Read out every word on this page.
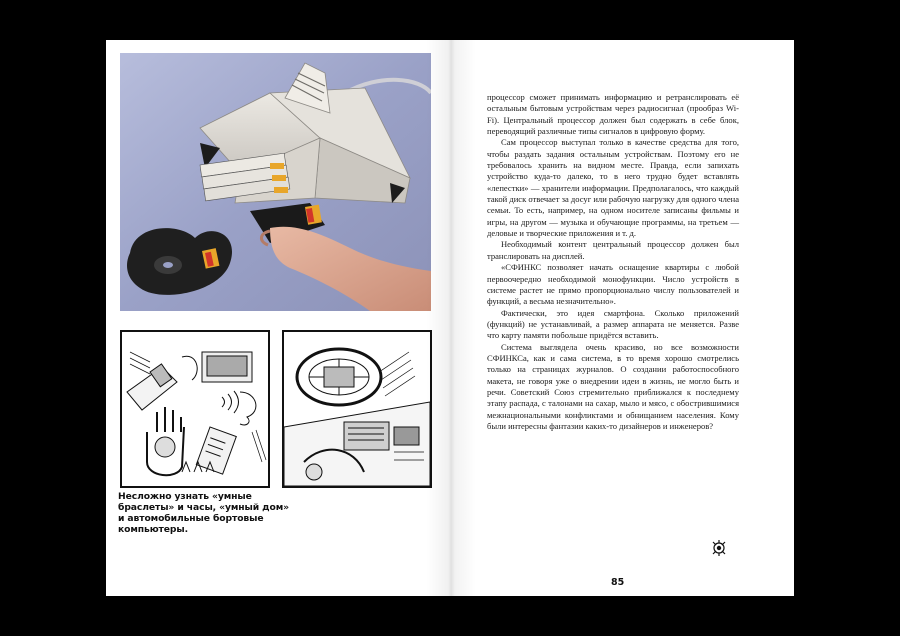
Несложно узнать «умные браслеты» и часы, «умный дом» и автомобильные бортовые компьютеры.

процессор сможет принимать информацию и ретранслировать её остальным бытовым устройствам через радиосигнал (прообраз Wi-Fi). Центральный процессор должен был содержать в себе блок, переводящий различные типы сигналов в цифровую форму.

Сам процессор выступал только в качестве средства для того, чтобы раздать задания остальным устройствам. Поэтому его не требовалось хранить на видном месте. Правда, если запихать устройство куда-то далеко, то в него трудно будет вставлять «лепестки» — хранители информации. Предполагалось, что каждый такой диск отвечает за досуг или рабочую нагрузку для одного члена семьи. То есть, например, на одном носителе записаны фильмы и игры, на другом — музыка и обучающие программы, на третьем — деловые и творческие приложения и т. д.

Необходимый контент центральный процессор должен был транслировать на дисплей.

«СФИНКС позволяет начать оснащение квартиры с любой первоочередно необходимой монофункции. Число устройств в системе растет не прямо пропорционально числу пользователей и функций, а весьма незначительно».

Фактически, это идея смартфона. Сколько приложений (функций) не устанавливай, а размер аппарата не меняется. Разве что карту памяти побольше придётся вставить.

Система выглядела очень красиво, но все возможности СФИНКСа, как и сама система, в то время хорошо смотрелись только на страницах журналов. О создании работоспособного макета, не говоря уже о внедрении идеи в жизнь, не могло быть и речи. Советский Союз стремительно приближался к последнему этапу распада, с талонами на сахар, мыло и мясо, с обострившимися межнациональными конфликтами и обнищанием населения. Кому были интересны фантазии каких-то дизайнеров и инженеров?

85
